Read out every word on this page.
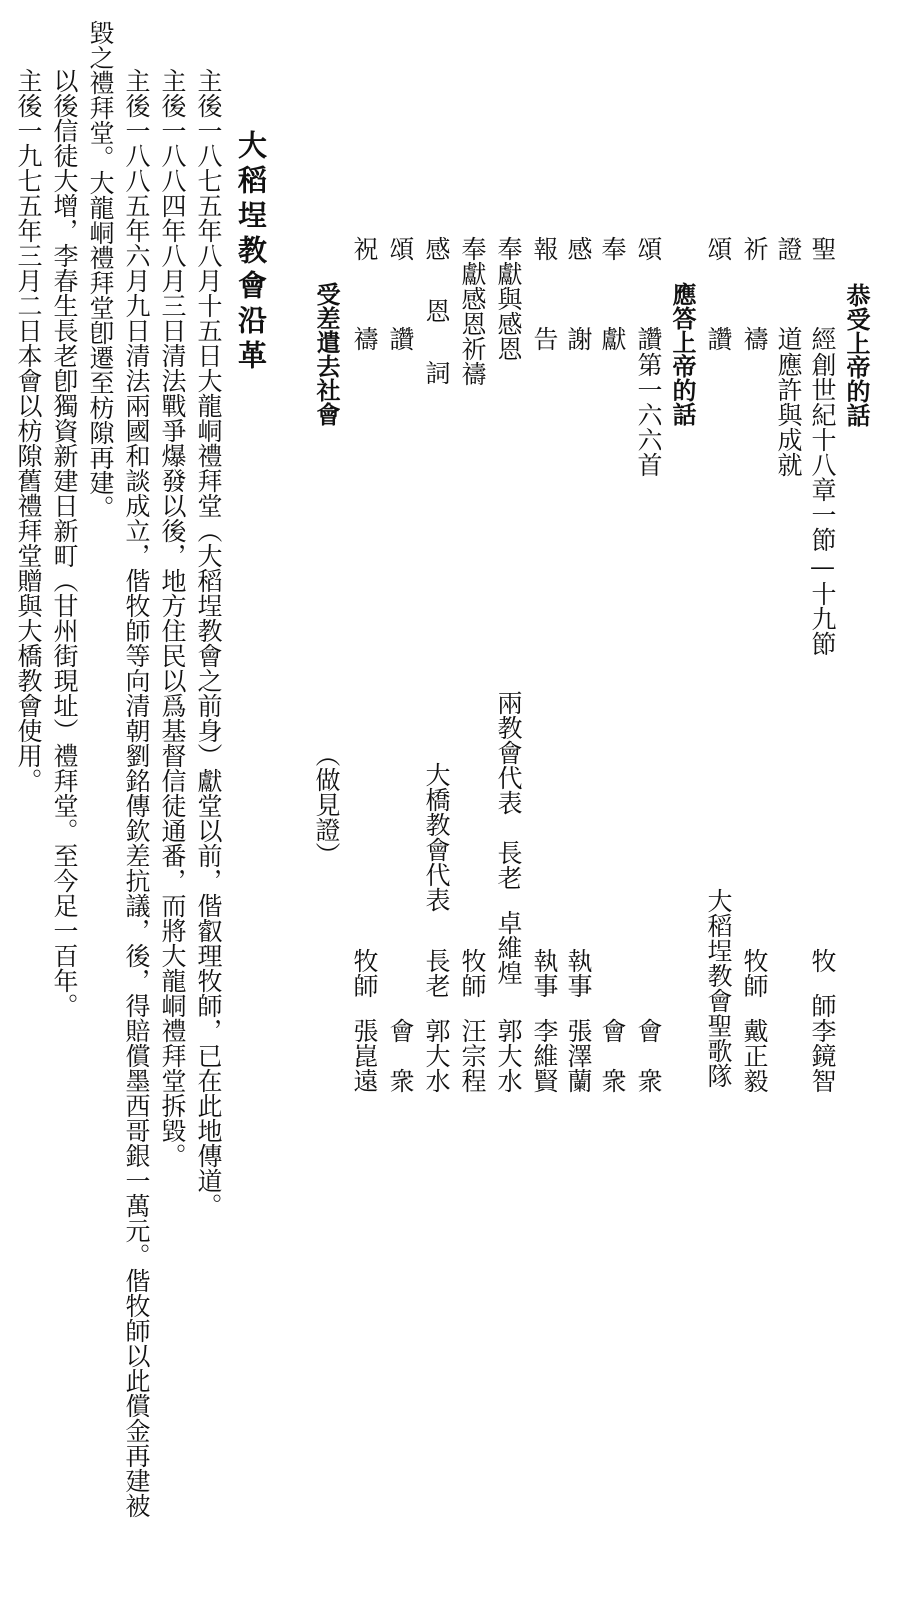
恭受上帝的話
聖　經
創世紀十八章一節—十九節
牧師
李鏡智
證　道
應許與成就
牧師
戴正毅
祈　禱
頌　讚
大稻埕教會聖歌隊
應答上帝的話
頌　讚
第一六六首
會　衆
奉　獻
會　衆
感　謝
執事
張澤蘭
報　告
執事
李維賢
奉獻與感恩
兩教會代表　長老
卓維煌
郭大水
奉獻感恩祈禱
牧師
汪宗程
感 恩 詞
大橋教會代表
長老
郭大水
頌　讚
會　衆
祝　禱
牧師
張崑遠
受差遣去社會
（做見證）
大稻埕教會沿革
主後一八七五年八月十五日大龍峒禮拜堂（大稻埕教會之前身）獻堂以前，偕叡理牧師，已在此地傳道。
主後一八八四年八月三日清法戰爭爆發以後，地方住民以爲基督信徒通番，而將大龍峒禮拜堂拆毀。
主後一八八五年六月九日清法兩國和談成立，偕牧師等向清朝劉銘傳欽差抗議，後，得賠償墨西哥銀一萬元。偕牧師以此償金再建被
毀之禮拜堂。大龍峒禮拜堂卽遷至枋隙再建。
以後信徒大增，李春生長老卽獨資新建日新町（甘州街現址）禮拜堂。至今足一百年。
主後一九七五年三月二日本會以枋隙舊禮拜堂贈與大橋教會使用。
